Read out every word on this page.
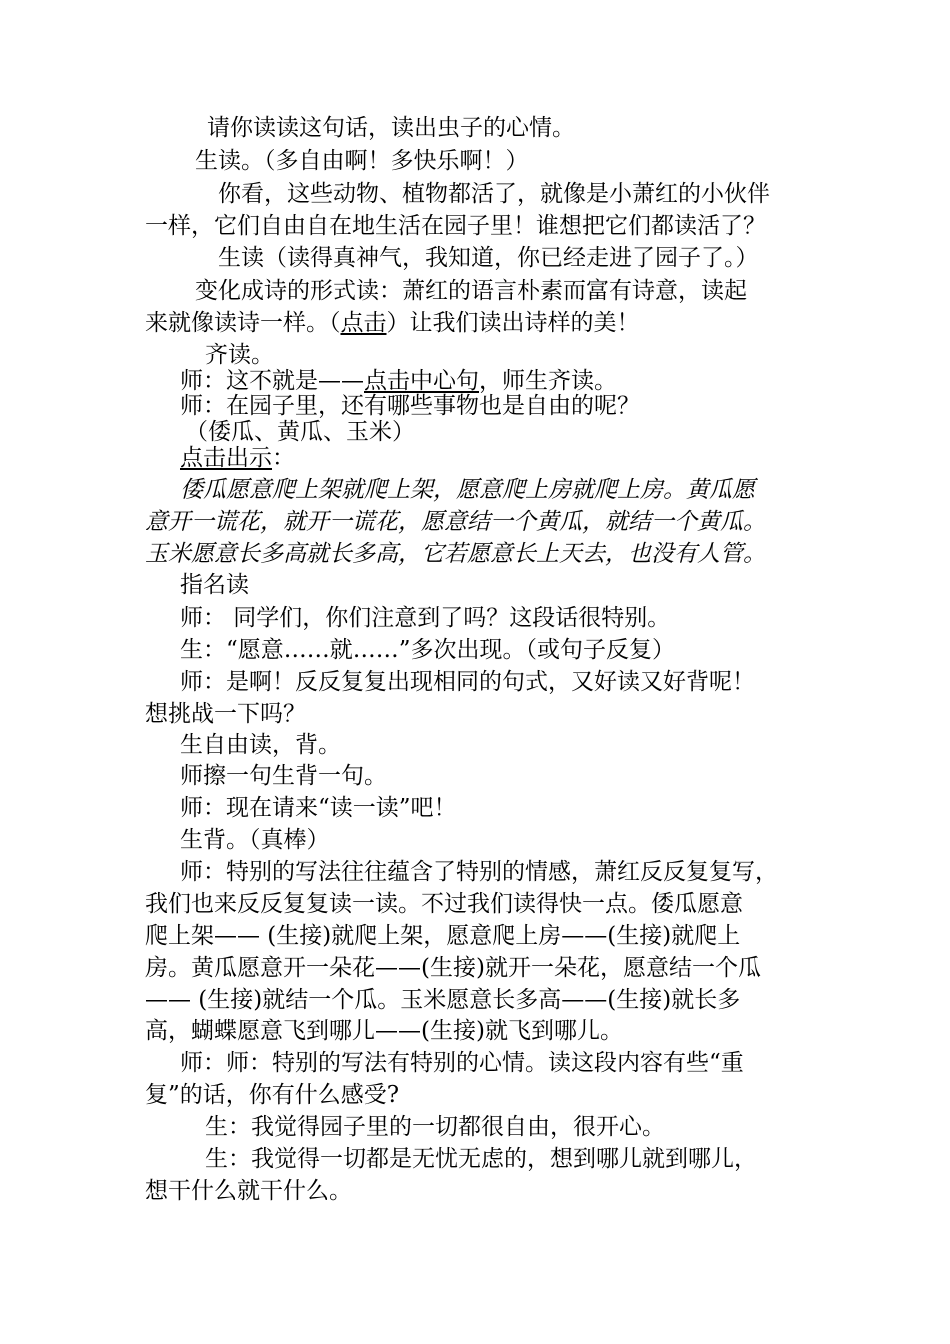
请你读读这句话，读出虫子的心情。
生读。（多自由啊！多快乐啊！）
你看，这些动物、植物都活了，就像是小萧红的小伙伴
一样，它们自由自在地生活在园子里！谁想把它们都读活了？
生读（读得真神气，我知道，你已经走进了园子了。）
变化成诗的形式读：萧红的语言朴素而富有诗意，读起
来就像读诗一样。（点击）让我们读出诗样的美！
齐读。
师：这不就是——点击中心句，师生齐读。
师：在园子里，还有哪些事物也是自由的呢？
（倭瓜、黄瓜、玉米）
点击出示：
倭瓜愿意爬上架就爬上架，愿意爬上房就爬上房。黄瓜愿
意开一谎花，就开一谎花，愿意结一个黄瓜，就结一个黄瓜。
玉米愿意长多高就长多高，它若愿意长上天去，也没有人管。
指名读
师： 同学们，你们注意到了吗？这段话很特别。
生：“愿意……就……”多次出现。（或句子反复）
师：是啊！反反复复出现相同的句式，又好读又好背呢！
想挑战一下吗？
生自由读，背。
师擦一句生背一句。
师：现在请来“读一读”吧！
生背。（真棒）
师：特别的写法往往蕴含了特别的情感，萧红反反复复写，
我们也来反反复复读一读。不过我们读得快一点。倭瓜愿意
爬上架—— (生接)就爬上架，愿意爬上房——(生接)就爬上
房。黄瓜愿意开一朵花——(生接)就开一朵花，愿意结一个瓜
—— (生接)就结一个瓜。玉米愿意长多高——(生接)就长多
高，蝴蝶愿意飞到哪儿——(生接)就飞到哪儿。
师：师：特别的写法有特别的心情。读这段内容有些“重
复”的话，你有什么感受?
生：我觉得园子里的一切都很自由，很开心。
生：我觉得一切都是无忧无虑的，想到哪儿就到哪儿，
想干什么就干什么。
